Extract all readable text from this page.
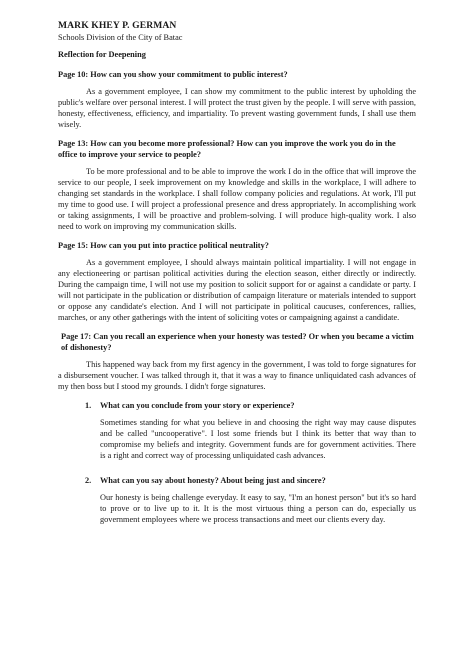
MARK KHEY P. GERMAN

Schools Division of the City of Batac

Reflection for Deepening

Page 10: How can you show your commitment to public interest?

As a government employee, I can show my commitment to the public interest by upholding the public's welfare over personal interest. I will protect the trust given by the people. I will serve with passion, honesty, effectiveness, efficiency, and impartiality. To prevent wasting government funds, I shall use them wisely.

Page 13: How can you become more professional? How can you improve the work you do in the office to improve your service to people?

To be more professional and to be able to improve the work I do in the office that will improve the service to our people, I seek improvement on my knowledge and skills in the workplace, I will adhere to changing set standards in the workplace. I shall follow company policies and regulations. At work, I'll put my time to good use. I will project a professional presence and dress appropriately. In accomplishing work or taking assignments, I will be proactive and problem-solving. I will produce high-quality work. I also need to work on improving my communication skills.

Page 15: How can you put into practice political neutrality?

As a government employee, I should always maintain political impartiality. I will not engage in any electioneering or partisan political activities during the election season, either directly or indirectly. During the campaign time, I will not use my position to solicit support for or against a candidate or party. I will not participate in the publication or distribution of campaign literature or materials intended to support or oppose any candidate's election. And I will not participate in political caucuses, conferences, rallies, marches, or any other gatherings with the intent of soliciting votes or campaigning against a candidate.

Page 17: Can you recall an experience when your honesty was tested? Or when you became a victim of dishonesty?

This happened way back from my first agency in the government, I was told to forge signatures for a disbursement voucher. I was talked through it, that it was a way to finance unliquidated cash advances of my then boss but I stood my grounds. I didn't forge signatures.

1.	What can you conclude from your story or experience?

Sometimes standing for what you believe in and choosing the right way may cause disputes and be called "uncooperative". I lost some friends but I think its better that way than to compromise my beliefs and integrity. Government funds are for government activities. There is a right and correct way of processing unliquidated cash advances.

2.	What can you say about honesty? About being just and sincere?

Our honesty is being challenge everyday. It easy to say, "I'm an honest person" but it's so hard to prove or to live up to it. It is the most virtuous thing a person can do, especially us government employees where we process transactions and meet our clients every day.
